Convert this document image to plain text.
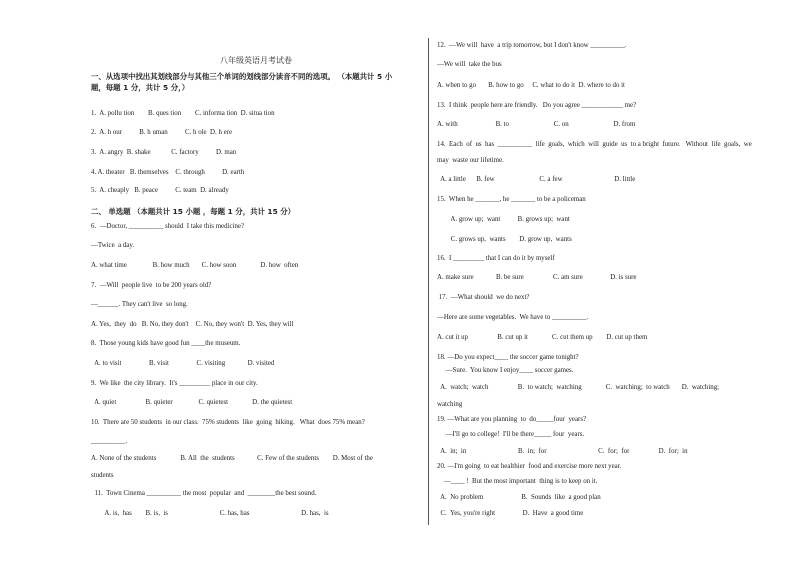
八年级英语月考试卷
一、从选项中找出其划线部分与其他三个单词的划线部分读音不同的选项。 （本题共计 5 小
题，每题 1 分，共计 5 分，）
1.  A. pollu tion        B. ques tion        C. informa tion  D. situa tion
2.  A. h our          B. h uman          C. h ole  D. h ere
3.  A. angry  B. shake            C. factory          D. man
4. A. theater   B. themselves    C. through          D. earth
5.  A. cheaply   B. peace          C. team  D. already
二、 单选题 （本题共计 15 小题 ，每题 1 分，共计 15 分）
6.  —Doctor, __________ should  I take this medicine?
—Twice  a day.
A. what time               B. how much       C. how soon              D. how  often
7.  —Will  people live  to be 200 years old?
—______. They can't live  so long.
A. Yes,  they  do   B. No, they don't    C. No, they won't  D. Yes, they will
8.  Those young kids have good fun ____the museum.
A. to visit                B. visit                C. visiting             D. visited
9.  We like  the city library.  It's _________ place in our city.
A. quiet                 B. quieter               C. quietest              D. the quietest
10.  There are 50 students  in our class.  75% students  like  going  hiking.   What  does 75% mean?
__________.
A. None of the students              B. All  the  students             C. Few of the students        D. Most of the
students
11.  Town Cinema __________ the most  popular  and  ________the best sound.
A. is,  has        B. is,  is                              C. has, has                              D. has,  is
12.  —We will  have  a trip tomorrow, but I don't know __________.
—We will  take the bus
A. when to go       B. how to go     C. what to do it  D. where to do it
13.  I think  people here are friendly.   Do you agree ____________ me?
A. with                      B. to                          C. on                          D. from
14.  Each  of  us  has  __________  life  goals,  which  will  guide  us  to a bright  future.   Without  life  goals,  we
may  waste our lifetime.
A. a little      B. few                          C. a few                              D. little
15.  When he _______, he _______ to be a policeman
A. grow up;  want          B. grows up;  want
C. grows up,  wants        D. grow up,  wants
16.  I _________ that I can do it by myself
A. make sure             B. be sure                 C. am sure                D. is sure
17.  —What should  we do next?
—Here are some vegetables.  We have to __________.
A. cut it up                 B. cut up it              C. cut them up        D. cut up them
18. —Do you expect____ the soccer game tonight?
—Sure.  You know I enjoy____ soccer games.
A.  watch;  watch                 B.  to watch;  watching              C.  watching;  to watch       D.  watching;
watching
19. —What are you planning  to  do_____four  years?
—I'll go to college!  I'll be there_____ four  years.
A.  in;  in                              B.  in;  for                              C.  for;  for                 D.  for;  in
20. —I'm going  to eat healthier  food and exercise more next year.
—____ !  But the most important  thing is to keep on it.
A.  No problem                      B.  Sounds  like  a good plan
C.  Yes, you're right                D.  Have  a good time
